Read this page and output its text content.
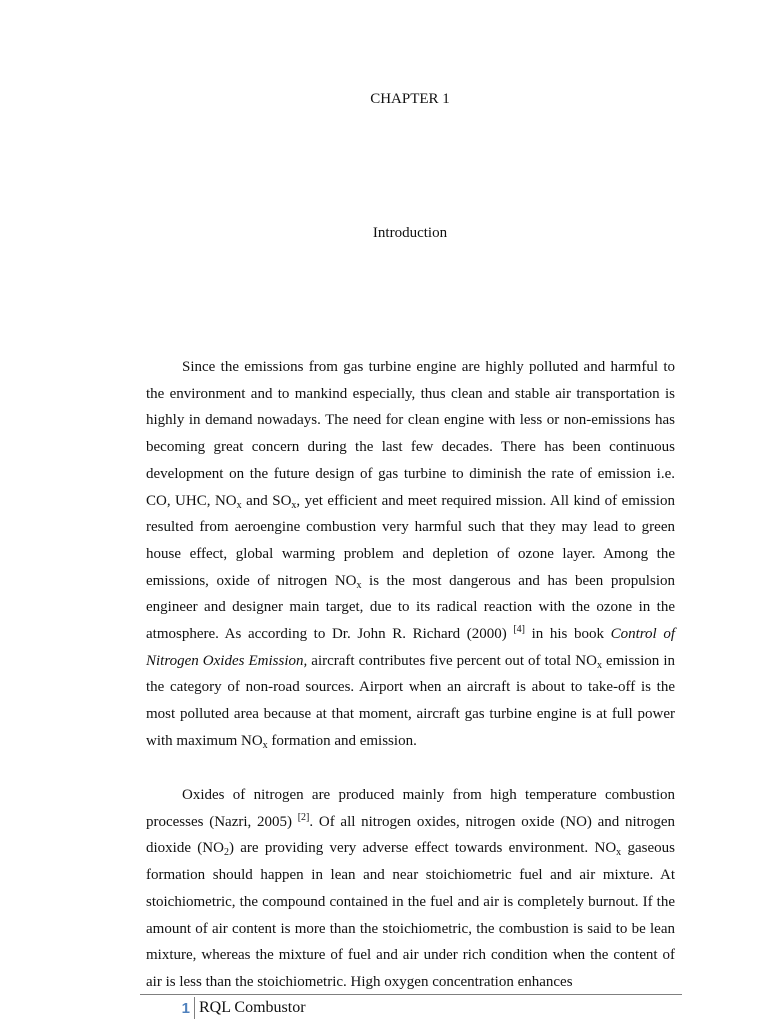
CHAPTER 1
Introduction

Since the emissions from gas turbine engine are highly polluted and harmful to the environment and to mankind especially, thus clean and stable air transportation is highly in demand nowadays. The need for clean engine with less or non-emissions has becoming great concern during the last few decades. There has been continuous development on the future design of gas turbine to diminish the rate of emission i.e. CO, UHC, $NO_x$ and $SO_x$, yet efficient and meet required mission. All kind of emission resulted from aeroengine combustion very harmful such that they may lead to green house effect, global warming problem and depletion of ozone layer. Among the emissions, oxide of nitrogen $NO_x$ is the most dangerous and has been propulsion engineer and designer main target, due to its radical reaction with the ozone in the atmosphere. As according to Dr. John R. Richard (2000) [4] in his book Control of Nitrogen Oxides Emission, aircraft contributes five percent out of total $NO_x$ emission in the category of non-road sources. Airport when an aircraft is about to take-off is the most polluted area because at that moment, aircraft gas turbine engine is at full power with maximum $NO_x$ formation and emission.

Oxides of nitrogen are produced mainly from high temperature combustion processes (Nazri, 2005) [2]. Of all nitrogen oxides, nitrogen oxide (NO) and nitrogen dioxide $(NO_2)$ are providing very adverse effect towards environment. $NO_x$ gaseous formation should happen in lean and near stoichiometric fuel and air mixture. At stoichiometric, the compound contained in the fuel and air is completely burnout. If the amount of air content is more than the stoichiometric, the combustion is said to be lean mixture, whereas the mixture of fuel and air under rich condition when the content of air is less than the stoichiometric. High oxygen concentration enhances

1 RQL Combustor
